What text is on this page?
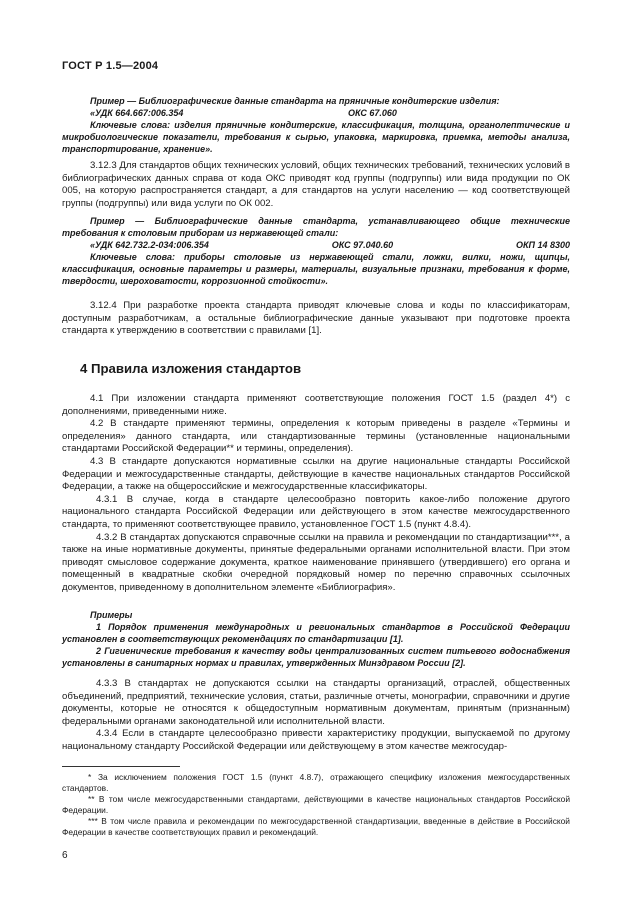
ГОСТ Р 1.5—2004

Пример — Библиографические данные стандарта на пряничные кондитерские изделия:

«УДК 664.667:006.354	ОКС 67.060

Ключевые слова: изделия пряничные кондитерские, классификация, толщина, органолептические и микробиологические показатели, требования к сырью, упаковка, маркировка, приемка, методы анализа, транспортирование, хранение».

3.12.3 Для стандартов общих технических условий, общих технических требований, технических условий в библиографических данных справа от кода ОКС приводят код группы (подгруппы) или вида продукции по ОК 005, на которую распространяется стандарт, а для стандартов на услуги населению — код соответствующей группы (подгруппы) или вида услуги по ОК 002.

Пример — Библиографические данные стандарта, устанавливающего общие технические требования к столовым приборам из нержавеющей стали:

«УДК 642.732.2-034:006.354	ОКС 97.040.60	ОКП 14 8300

Ключевые слова: приборы столовые из нержавеющей стали, ложки, вилки, ножи, щипцы, классификация, основные параметры и размеры, материалы, визуальные признаки, требования к форме, твердости, шероховатости, коррозионной стойкости».

3.12.4 При разработке проекта стандарта приводят ключевые слова и коды по классификаторам, доступным разработчикам, а остальные библиографические данные указывают при подготовке проекта стандарта к утверждению в соответствии с правилами [1].

4 Правила изложения стандартов

4.1 При изложении стандарта применяют соответствующие положения ГОСТ 1.5 (раздел 4*) с дополнениями, приведенными ниже.

4.2 В стандарте применяют термины, определения к которым приведены в разделе «Термины и определения» данного стандарта, или стандартизованные термины (установленные национальными стандартами Российской Федерации** и термины, определения).

4.3 В стандарте допускаются нормативные ссылки на другие национальные стандарты Российской Федерации и межгосударственные стандарты, действующие в качестве национальных стандартов Российской Федерации, а также на общероссийские и межгосударственные классификаторы.

4.3.1 В случае, когда в стандарте целесообразно повторить какое-либо положение другого национального стандарта Российской Федерации или действующего в этом качестве межгосударственного стандарта, то применяют соответствующее правило, установленное ГОСТ 1.5 (пункт 4.8.4).

4.3.2 В стандартах допускаются справочные ссылки на правила и рекомендации по стандартизации***, а также на иные нормативные документы, принятые федеральными органами исполнительной власти. При этом приводят смысловое содержание документа, краткое наименование принявшего (утвердившего) его органа и помещенный в квадратные скобки очередной порядковый номер по перечню справочных ссылочных документов, приведенному в дополнительном элементе «Библиография».

Примеры

1 Порядок применения международных и региональных стандартов в Российской Федерации установлен в соответствующих рекомендациях по стандартизации [1].

2 Гигиенические требования к качеству воды централизованных систем питьевого водоснабжения установлены в санитарных нормах и правилах, утвержденных Минздравом России [2].

4.3.3 В стандартах не допускаются ссылки на стандарты организаций, отраслей, общественных объединений, предприятий, технические условия, статьи, различные отчеты, монографии, справочники и другие документы, которые не относятся к общедоступным нормативным документам, принятым (признанным) федеральными органами законодательной или исполнительной власти.

4.3.4 Если в стандарте целесообразно привести характеристику продукции, выпускаемой по другому национальному стандарту Российской Федерации или действующему в этом качестве межгосудар-

* За исключением положения ГОСТ 1.5 (пункт 4.8.7), отражающего специфику изложения межгосударственных стандартов.

** В том числе межгосударственными стандартами, действующими в качестве национальных стандартов Российской Федерации.

*** В том числе правила и рекомендации по межгосударственной стандартизации, введенные в действие в Российской Федерации в качестве соответствующих правил и рекомендаций.

6
